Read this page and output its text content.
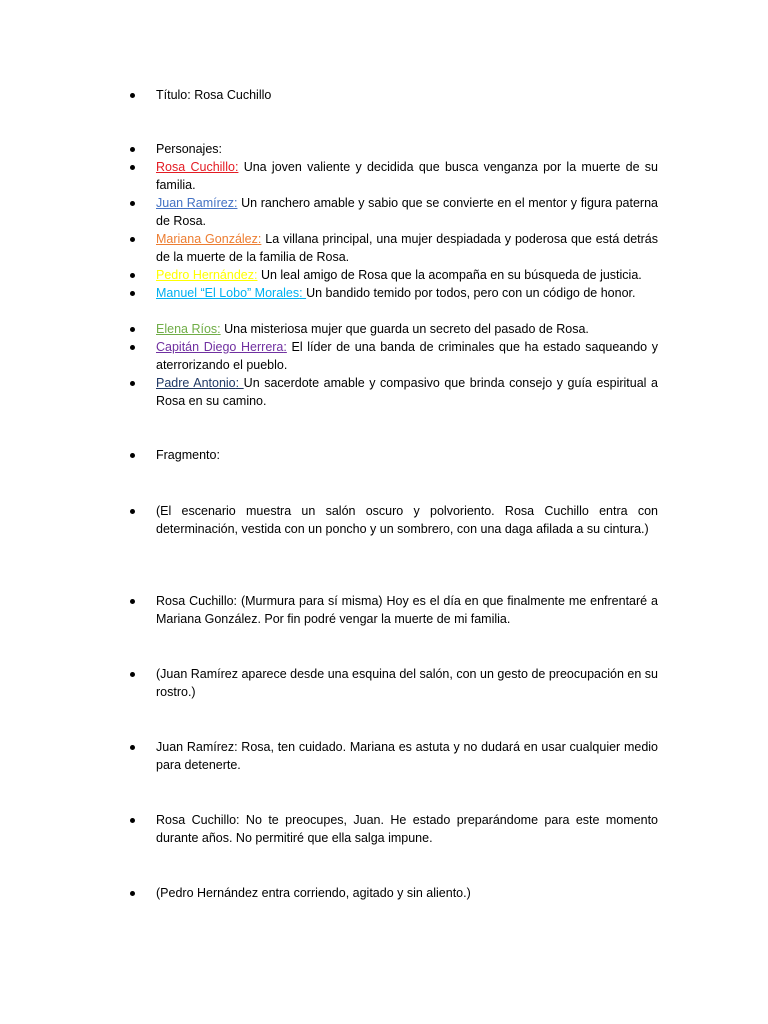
Título: Rosa Cuchillo
Personajes:
Rosa Cuchillo: Una joven valiente y decidida que busca venganza por la muerte de su familia.
Juan Ramírez: Un ranchero amable y sabio que se convierte en el mentor y figura paterna de Rosa.
Mariana González: La villana principal, una mujer despiadada y poderosa que está detrás de la muerte de la familia de Rosa.
Pedro Hernández: Un leal amigo de Rosa que la acompaña en su búsqueda de justicia.
Manuel “El Lobo” Morales: Un bandido temido por todos, pero con un código de honor.
Elena Ríos: Una misteriosa mujer que guarda un secreto del pasado de Rosa.
Capitán Diego Herrera: El líder de una banda de criminales que ha estado saqueando y aterrorizando el pueblo.
Padre Antonio: Un sacerdote amable y compasivo que brinda consejo y guía espiritual a Rosa en su camino.
Fragmento:
(El escenario muestra un salón oscuro y polvoriento. Rosa Cuchillo entra con determinación, vestida con un poncho y un sombrero, con una daga afilada a su cintura.)
Rosa Cuchillo: (Murmura para sí misma) Hoy es el día en que finalmente me enfrentaré a Mariana González. Por fin podré vengar la muerte de mi familia.
(Juan Ramírez aparece desde una esquina del salón, con un gesto de preocupación en su rostro.)
Juan Ramírez: Rosa, ten cuidado. Mariana es astuta y no dudará en usar cualquier medio para detenerte.
Rosa Cuchillo: No te preocupes, Juan. He estado preparándome para este momento durante años. No permitiré que ella salga impune.
(Pedro Hernández entra corriendo, agitado y sin aliento.)
